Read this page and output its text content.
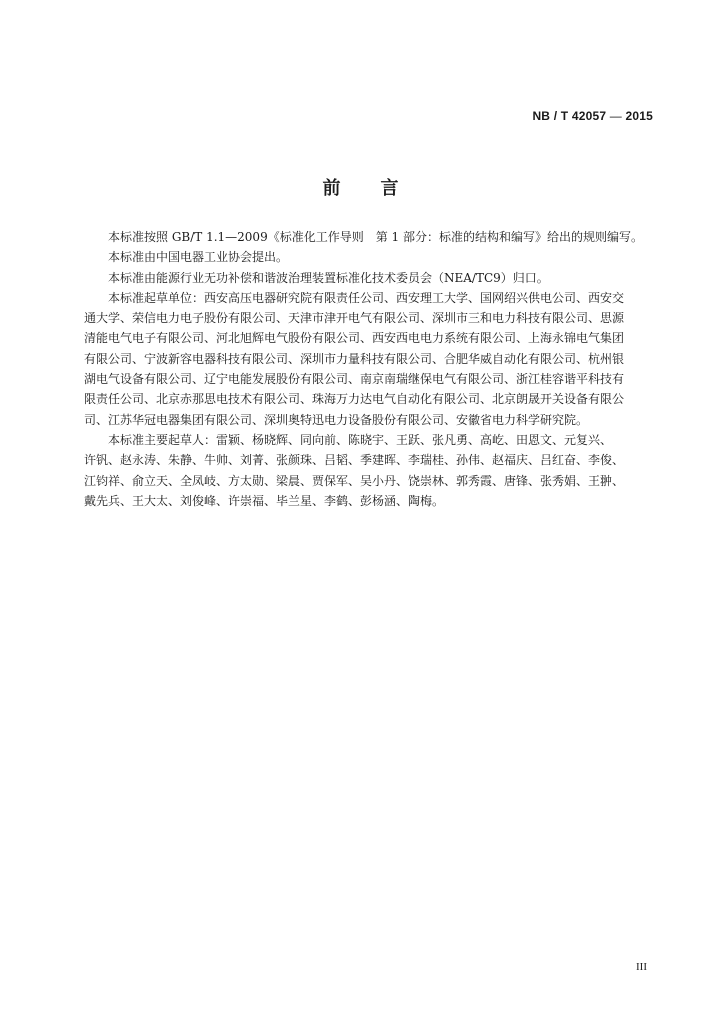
NB / T 42057 — 2015
前 言
本标准按照 GB/T 1.1—2009《标准化工作导则　第 1 部分：标准的结构和编写》给出的规则编写。
本标准由中国电器工业协会提出。
本标准由能源行业无功补偿和谐波治理装置标准化技术委员会（NEA/TC9）归口。
本标准起草单位：西安高压电器研究院有限责任公司、西安理工大学、国网绍兴供电公司、西安交
通大学、荣信电力电子股份有限公司、天津市津开电气有限公司、深圳市三和电力科技有限公司、思源
清能电气电子有限公司、河北旭辉电气股份有限公司、西安西电电力系统有限公司、上海永锦电气集团
有限公司、宁波新容电器科技有限公司、深圳市力量科技有限公司、合肥华威自动化有限公司、杭州银
湖电气设备有限公司、辽宁电能发展股份有限公司、南京南瑞继保电气有限公司、浙江桂容谐平科技有
限责任公司、北京赤那思电技术有限公司、珠海万力达电气自动化有限公司、北京朗晟开关设备有限公
司、江苏华冠电器集团有限公司、深圳奥特迅电力设备股份有限公司、安徽省电力科学研究院。
本标准主要起草人：雷颖、杨晓辉、同向前、陈晓宇、王跃、张凡勇、高屹、田恩文、元复兴、
许钒、赵永涛、朱静、牛帅、刘菁、张颜珠、吕韬、季建晖、李瑞桂、孙伟、赵福庆、吕红奋、李俊、
江钧祥、俞立天、全凤岐、方太勋、梁晨、贾保军、吴小丹、饶崇林、郭秀霞、唐锋、张秀娟、王翀、
戴先兵、王大太、刘俊峰、许崇福、毕兰星、李鹤、彭杨涵、陶梅。
III
